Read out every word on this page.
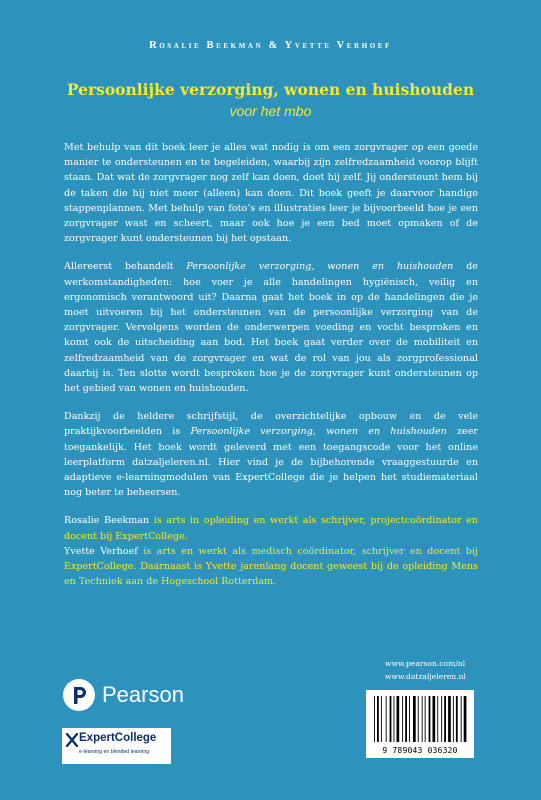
Rosalie Beekman & Yvette Verhoef
Persoonlijke verzorging, wonen en huishouden
voor het mbo

Met behulp van dit boek leer je alles wat nodig is om een zorgvrager op een goede manier te ondersteunen en te begeleiden, waarbij zijn zelfredzaamheid voorop blijft staan. Dat wat de zorgvrager nog zelf kan doen, doet hij zelf. Jij ondersteunt hem bij de taken die hij niet meer (alleen) kan doen. Dit boek geeft je daarvoor handige stappenplannen. Met behulp van foto’s en illustraties leer je bijvoorbeeld hoe je een zorgvrager wast en scheert, maar ook hoe je een bed moet opmaken of de zorgvrager kunt ondersteunen bij het opstaan.

Allereerst behandelt Persoonlijke verzorging, wonen en huishouden de werkomstandigheden: hoe voer je alle handelingen hygiënisch, veilig en ergonomisch verantwoord uit? Daarna gaat het boek in op de handelingen die je moet uitvoeren bij het ondersteunen van de persoonlijke verzorging van de zorgvrager. Vervolgens worden de onderwerpen voeding en vocht besproken en komt ook de uitscheiding aan bod. Het boek gaat verder over de mobiliteit en zelfredzaamheid van de zorgvrager en wat de rol van jou als zorgprofessional daarbij is. Ten slotte wordt besproken hoe je de zorgvrager kunt ondersteunen op het gebied van wonen en huishouden.

Dankzij de heldere schrijfstijl, de overzichtelijke opbouw en de vele praktijkvoorbeelden is Persoonlijke verzorging, wonen en huishouden zeer toegankelijk. Het boek wordt geleverd met een toegangscode voor het online leerplatform datzaljeleren.nl. Hier vind je de bijbehorende vraaggestuurde en adaptieve e-learningmodulen van ExpertCollege die je helpen het studiemateriaal nog beter te beheersen.

Rosalie Beekman is arts in opleiding en werkt als schrijver, projectcoördinator en docent bij ExpertCollege.

Yvette Verhoef is arts en werkt als medisch coördinator, schrijver en docent bij ExpertCollege. Daarnaast is Yvette jarenlang docent geweest bij de opleiding Mens en Techniek aan de Hogeschool Rotterdam.

Pearson
ExpertCollege
e-learning en blended learning
www.pearson.com/nl
www.datzaljeleren.nl
9 789043 036320
